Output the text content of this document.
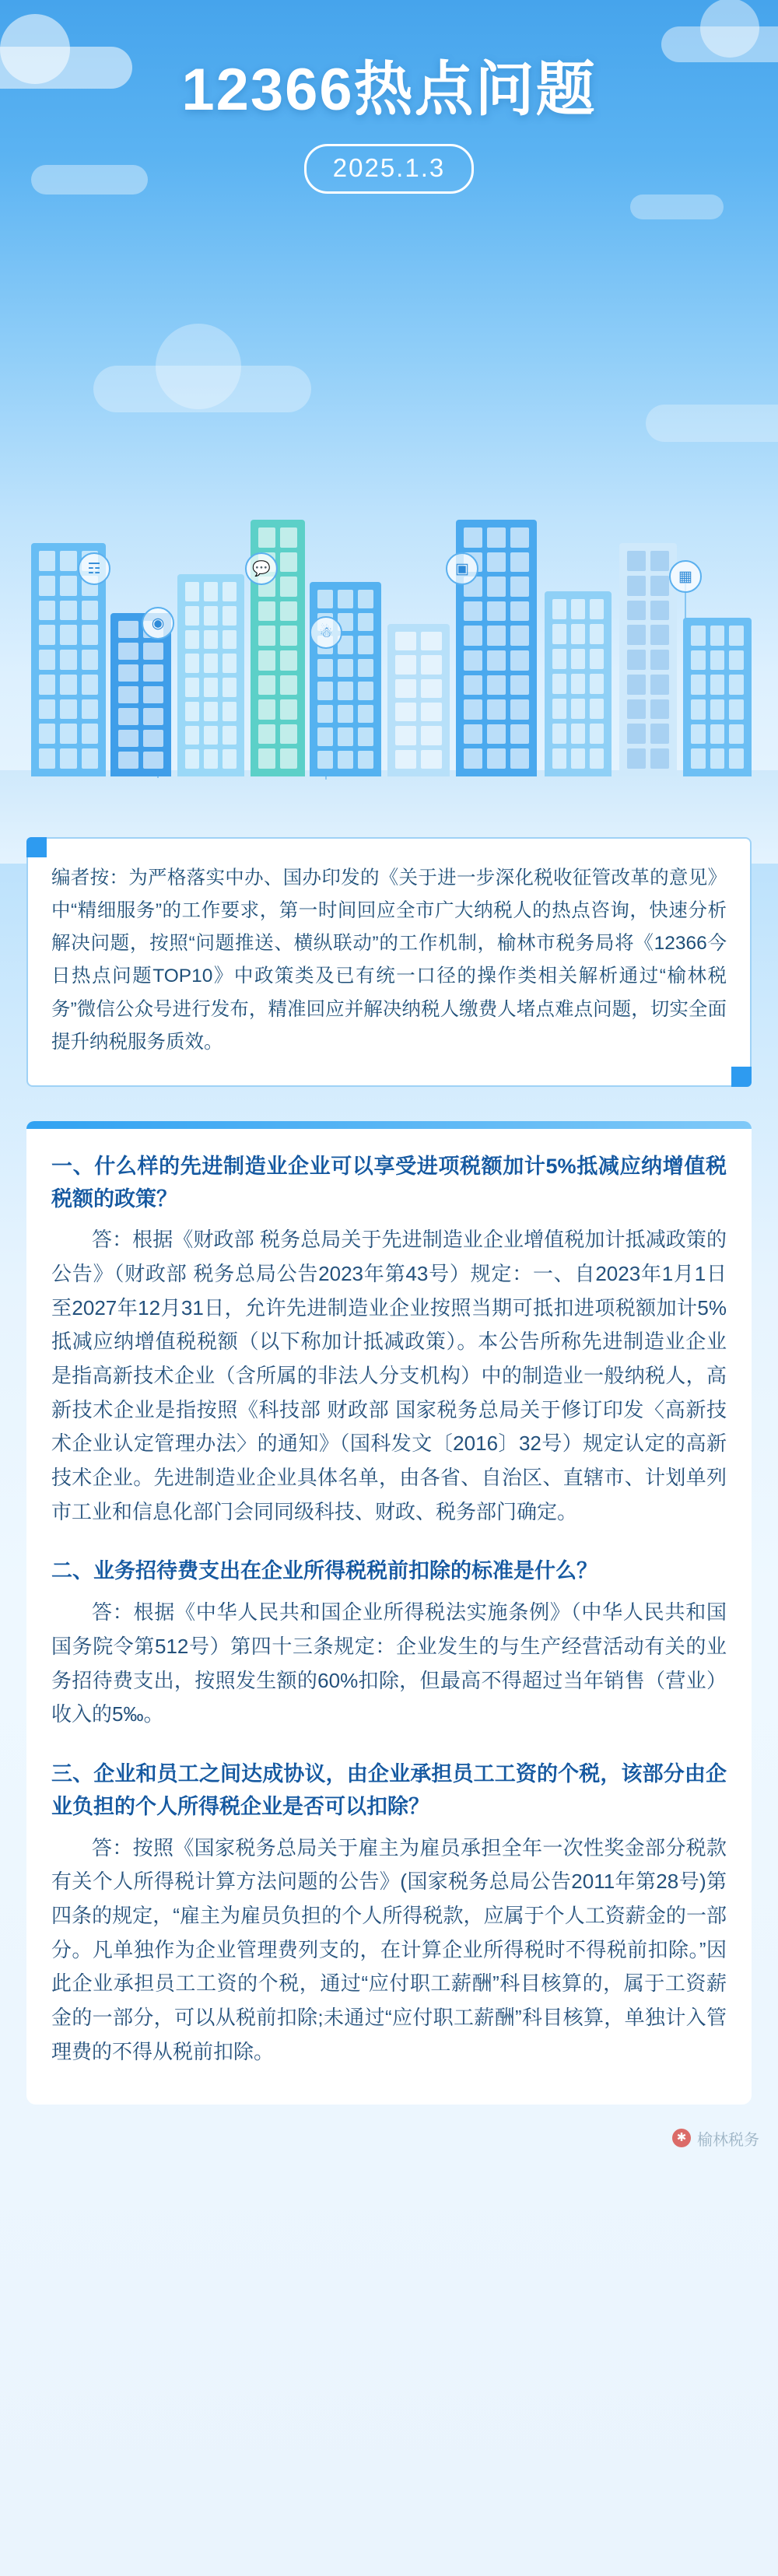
12366热点问题
2025.1.3
☶
◉
💬
☃
▣	▦
编者按：为严格落实中办、国办印发的《关于进一步深化税收征管改革的意见》中“精细服务”的工作要求，第一时间回应全市广大纳税人的热点咨询，快速分析解决问题，按照“问题推送、横纵联动”的工作机制，榆林市税务局将《12366今日热点问题TOP10》中政策类及已有统一口径的操作类相关解析通过“榆林税务”微信公众号进行发布，精准回应并解决纳税人缴费人堵点难点问题，切实全面提升纳税服务质效。
一、什么样的先进制造业企业可以享受进项税额加计5%抵减应纳增值税税额的政策？
答：根据《财政部 税务总局关于先进制造业企业增值税加计抵减政策的公告》（财政部 税务总局公告2023年第43号）规定：一、自2023年1月1日至2027年12月31日，允许先进制造业企业按照当期可抵扣进项税额加计5%抵减应纳增值税税额（以下称加计抵减政策）。本公告所称先进制造业企业是指高新技术企业（含所属的非法人分支机构）中的制造业一般纳税人，高新技术企业是指按照《科技部 财政部 国家税务总局关于修订印发〈高新技术企业认定管理办法〉的通知》（国科发文〔2016〕32号）规定认定的高新技术企业。先进制造业企业具体名单，由各省、自治区、直辖市、计划单列市工业和信息化部门会同同级科技、财政、税务部门确定。
二、业务招待费支出在企业所得税税前扣除的标准是什么？
答：根据《中华人民共和国企业所得税法实施条例》（中华人民共和国国务院令第512号）第四十三条规定：企业发生的与生产经营活动有关的业务招待费支出，按照发生额的60%扣除，但最高不得超过当年销售（营业）收入的5‰。
三、企业和员工之间达成协议，由企业承担员工工资的个税，该部分由企业负担的个人所得税企业是否可以扣除？
答：按照《国家税务总局关于雇主为雇员承担全年一次性奖金部分税款有关个人所得税计算方法问题的公告》(国家税务总局公告2011年第28号)第四条的规定，“雇主为雇员负担的个人所得税款，应属于个人工资薪金的一部分。凡单独作为企业管理费列支的，在计算企业所得税时不得税前扣除。”因此企业承担员工工资的个税，通过“应付职工薪酬”科目核算的，属于工资薪金的一部分，可以从税前扣除;未通过“应付职工薪酬”科目核算，单独计入管理费的不得从税前扣除。
✱ 榆林税务
